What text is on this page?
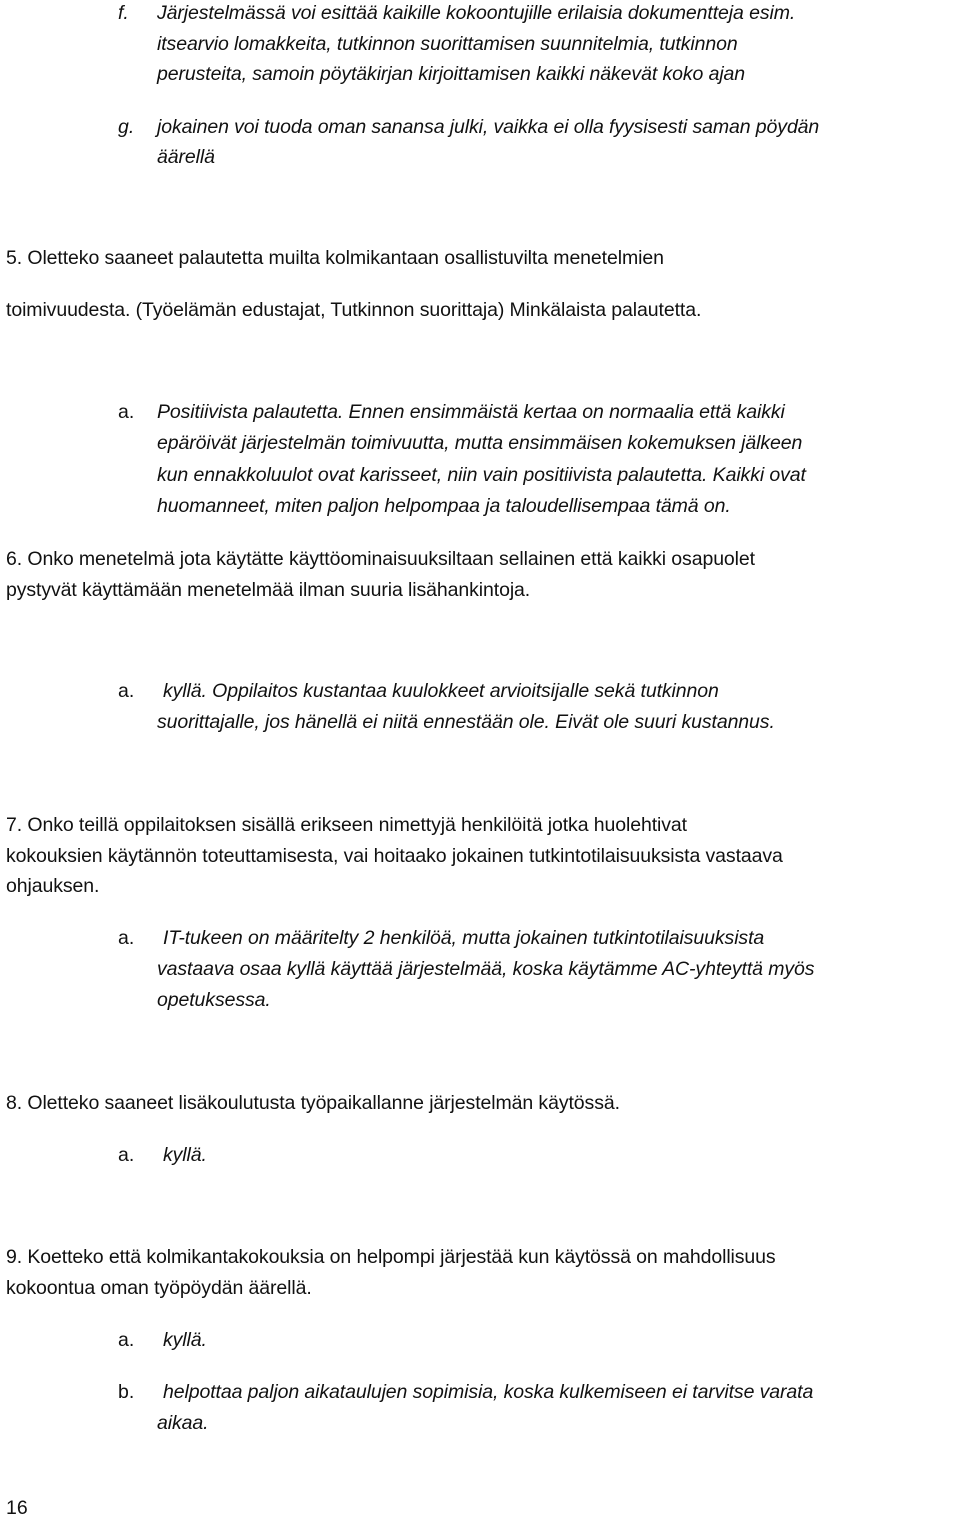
f. Järjestelmässä voi esittää kaikille kokoontujille erilaisia dokumentteja esim.
itsearvio lomakkeita, tutkinnon suorittamisen suunnitelmia, tutkinnon
perusteita, samoin pöytäkirjan kirjoittamisen kaikki näkevät koko ajan
g. jokainen voi tuoda oman sanansa julki, vaikka ei olla fyysisesti saman pöydän
äärellä
5. Oletteko saaneet palautetta muilta kolmikantaan osallistuvilta menetelmien
toimivuudesta. (Työelämän edustajat, Tutkinnon suorittaja) Minkälaista palautetta.
a. Positiivista palautetta. Ennen ensimmäistä kertaa on normaalia että kaikki
epäröivät järjestelmän toimivuutta, mutta ensimmäisen kokemuksen jälkeen
kun ennakkoluulot ovat karisseet, niin vain positiivista palautetta. Kaikki ovat
huomanneet, miten paljon helpompaa ja taloudellisempaa tämä on.
6. Onko menetelmä jota käytätte käyttöominaisuuksiltaan sellainen että kaikki osapuolet
pystyvät käyttämään menetelmää ilman suuria lisähankintoja.
a. kyllä. Oppilaitos kustantaa kuulokkeet arvioitsijalle sekä tutkinnon
suorittajalle, jos hänellä ei niitä ennestään ole. Eivät ole suuri kustannus.
7. Onko teillä oppilaitoksen sisällä erikseen nimettyjä henkilöitä jotka huolehtivat
kokouksien käytännön toteuttamisesta, vai hoitaako jokainen tutkintotilaisuuksista vastaava
ohjauksen.
a. IT-tukeen on määritelty 2 henkilöä, mutta jokainen tutkintotilaisuuksista
vastaava osaa kyllä käyttää järjestelmää, koska käytämme AC-yhteyttä myös
opetuksessa.
8. Oletteko saaneet lisäkoulutusta työpaikallanne järjestelmän käytössä.
a. kyllä.
9. Koetteko että kolmikantakokouksia on helpompi järjestää kun käytössä on mahdollisuus
kokoontua oman työpöydän äärellä.
a. kyllä.
b. helpottaa paljon aikataulujen sopimisia, koska kulkemiseen ei tarvitse varata
aikaa.
16
